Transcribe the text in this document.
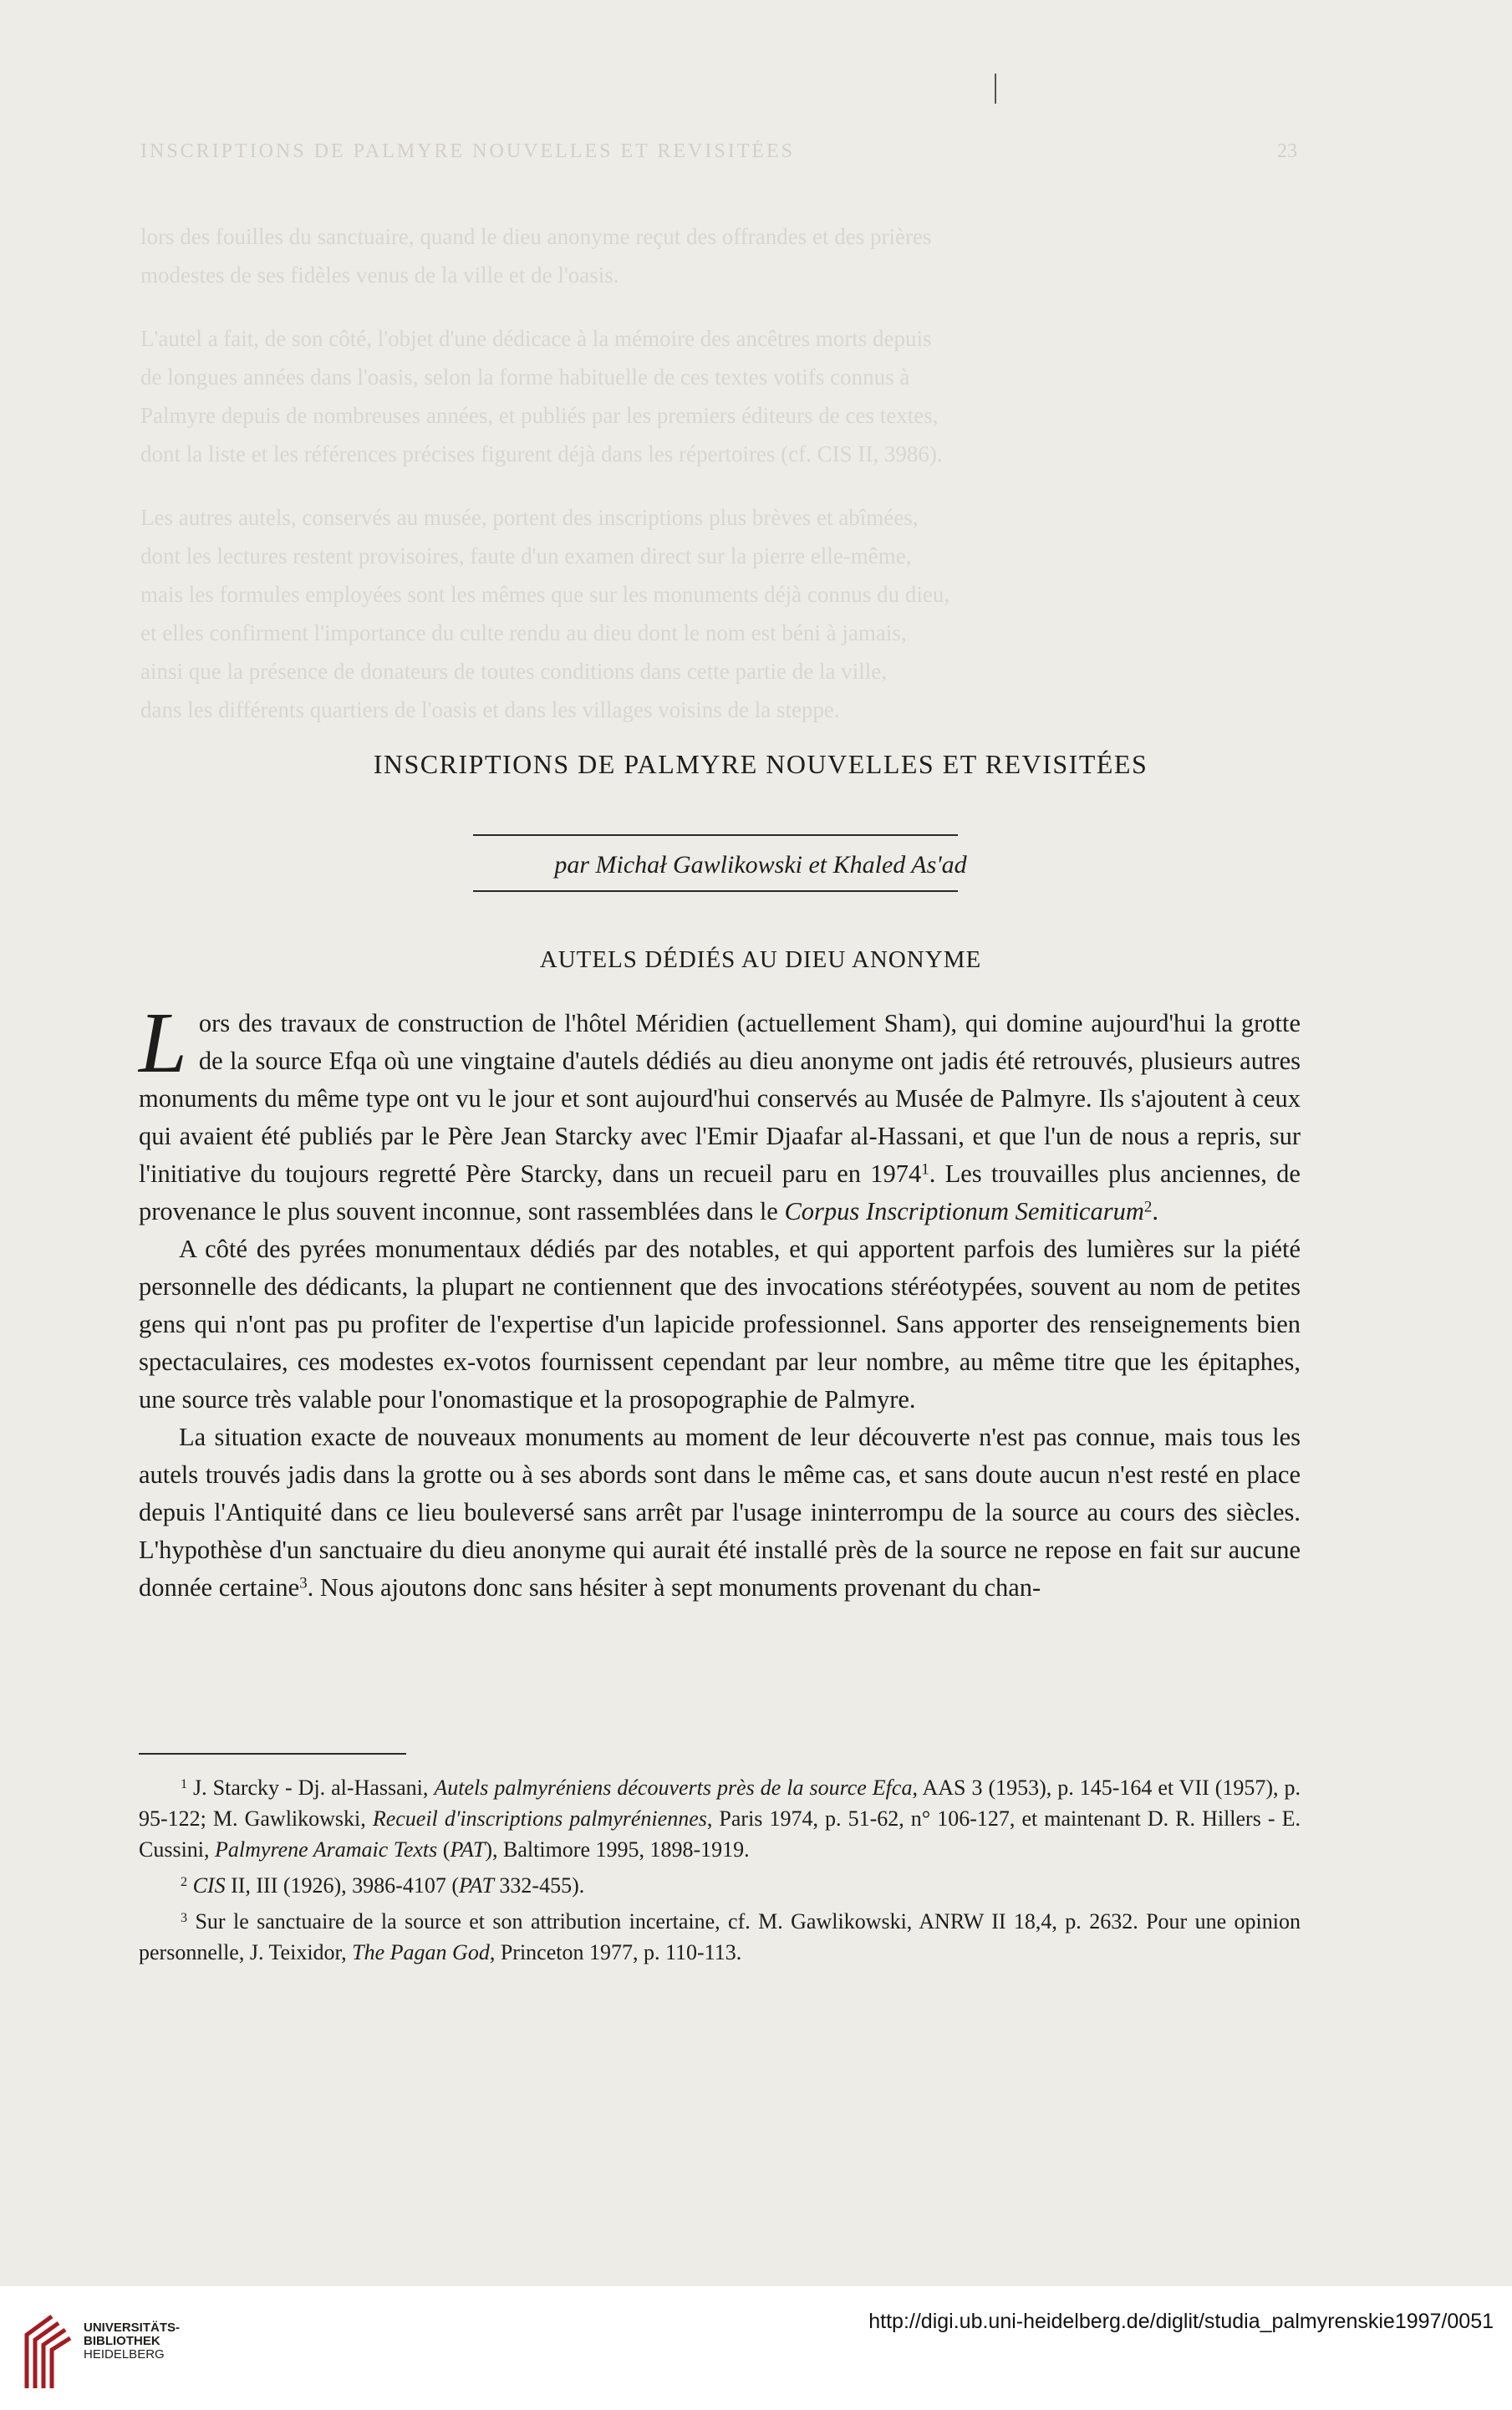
INSCRIPTIONS DE PALMYRE NOUVELLES ET REVISITÉES	23
lors des fouilles du sanctuaire, quand le dieu anonyme reçut des offrandes et des prières
modestes de ses fidèles venus de la ville et de l'oasis.
L'autel a fait, de son côté, l'objet d'une dédicace à la mémoire des ancêtres morts depuis
de longues années dans l'oasis, selon la forme habituelle de ces textes votifs connus à
Palmyre depuis de nombreuses années, et publiés par les premiers éditeurs de ces textes,
dont la liste et les références précises figurent déjà dans les répertoires (cf. CIS II, 3986).
Les autres autels, conservés au musée, portent des inscriptions plus brèves et abîmées,
dont les lectures restent provisoires, faute d'un examen direct sur la pierre elle-même,
mais les formules employées sont les mêmes que sur les monuments déjà connus du dieu,
et elles confirment l'importance du culte rendu au dieu dont le nom est béni à jamais,
ainsi que la présence de donateurs de toutes conditions dans cette partie de la ville,
dans les différents quartiers de l'oasis et dans les villages voisins de la steppe.
INSCRIPTIONS DE PALMYRE NOUVELLES ET REVISITÉES
par Michał Gawlikowski et Khaled As'ad
AUTELS DÉDIÉS AU DIEU ANONYME

Lors des travaux de construction de l'hôtel Méridien (actuellement Sham), qui domine aujourd'hui la grotte de la source Efqa où une vingtaine d'autels dédiés au dieu anonyme ont jadis été retrouvés, plusieurs autres monuments du même type ont vu le jour et sont aujourd'hui conservés au Musée de Palmyre. Ils s'ajoutent à ceux qui avaient été publiés par le Père Jean Starcky avec l'Emir Djaafar al-Hassani, et que l'un de nous a repris, sur l'initiative du toujours regretté Père Starcky, dans un recueil paru en 1974$^1$. Les trouvailles plus anciennes, de provenance le plus souvent inconnue, sont rassemblées dans le Corpus Inscriptionum Semiticarum$^2$.

A côté des pyrées monumentaux dédiés par des notables, et qui apportent parfois des lumières sur la piété personnelle des dédicants, la plupart ne contiennent que des invocations stéréotypées, souvent au nom de petites gens qui n'ont pas pu profiter de l'expertise d'un lapicide professionnel. Sans apporter des renseignements bien spectaculaires, ces modestes ex-votos fournissent cependant par leur nombre, au même titre que les épitaphes, une source très valable pour l'onomastique et la prosopographie de Palmyre.

La situation exacte de nouveaux monuments au moment de leur découverte n'est pas connue, mais tous les autels trouvés jadis dans la grotte ou à ses abords sont dans le même cas, et sans doute aucun n'est resté en place depuis l'Antiquité dans ce lieu bouleversé sans arrêt par l'usage ininterrompu de la source au cours des siècles. L'hypothèse d'un sanctuaire du dieu anonyme qui aurait été installé près de la source ne repose en fait sur aucune donnée certaine$^3$. Nous ajoutons donc sans hésiter à sept monuments provenant du chan-

$^1$ J. Starcky - Dj. al-Hassani, Autels palmyréniens découverts près de la source Efca, AAS 3 (1953), p. 145-164 et VII (1957), p. 95-122; M. Gawlikowski, Recueil d'inscriptions palmyréniennes, Paris 1974, p. 51-62, n° 106-127, et maintenant D. R. Hillers - E. Cussini, Palmyrene Aramaic Texts (PAT), Baltimore 1995, 1898-1919.

$^2$ CIS II, III (1926), 3986-4107 (PAT 332-455).

$^3$ Sur le sanctuaire de la source et son attribution incertaine, cf. M. Gawlikowski, ANRW II 18,4, p. 2632. Pour une opinion personnelle, J. Teixidor, The Pagan God, Princeton 1977, p. 110-113.

UNIVERSITÄTS-
BIBLIOTHEK
HEIDELBERG
http://digi.ub.uni-heidelberg.de/diglit/studia_palmyrenskie1997/0051
